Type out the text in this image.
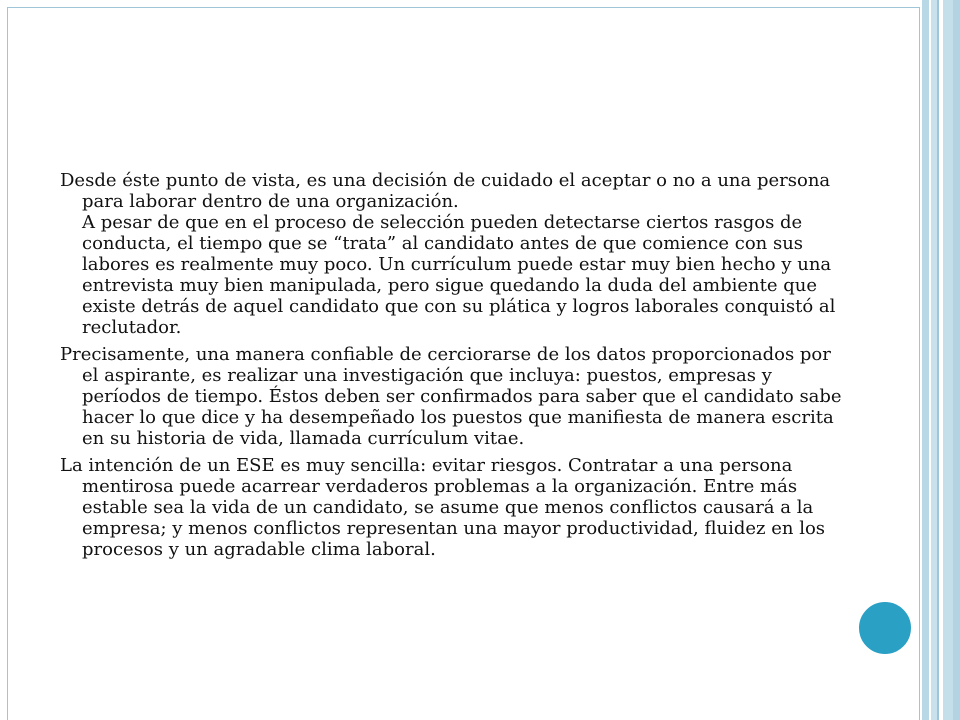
Desde éste punto de vista, es una decisión de cuidado el aceptar o no a una persona para laborar dentro de una organización.
A pesar de que en el proceso de selección pueden detectarse ciertos rasgos de conducta, el tiempo que se “trata” al candidato antes de que comience con sus labores es realmente muy poco. Un currículum puede estar muy bien hecho y una entrevista muy bien manipulada, pero sigue quedando la duda del ambiente que existe detrás de aquel candidato que con su plática y logros laborales conquistó al reclutador.

Precisamente, una manera confiable de cerciorarse de los datos proporcionados por el aspirante, es realizar una investigación que incluya: puestos, empresas y períodos de tiempo. Éstos deben ser confirmados para saber que el candidato sabe hacer lo que dice y ha desempeñado los puestos que manifiesta de manera escrita en su historia de vida, llamada currículum vitae.

La intención de un ESE es muy sencilla: evitar riesgos. Contratar a una persona mentirosa puede acarrear verdaderos problemas a la organización. Entre más estable sea la vida de un candidato, se asume que menos conflictos causará a la empresa; y menos conflictos representan una mayor productividad, fluidez en los procesos y un agradable clima laboral.
